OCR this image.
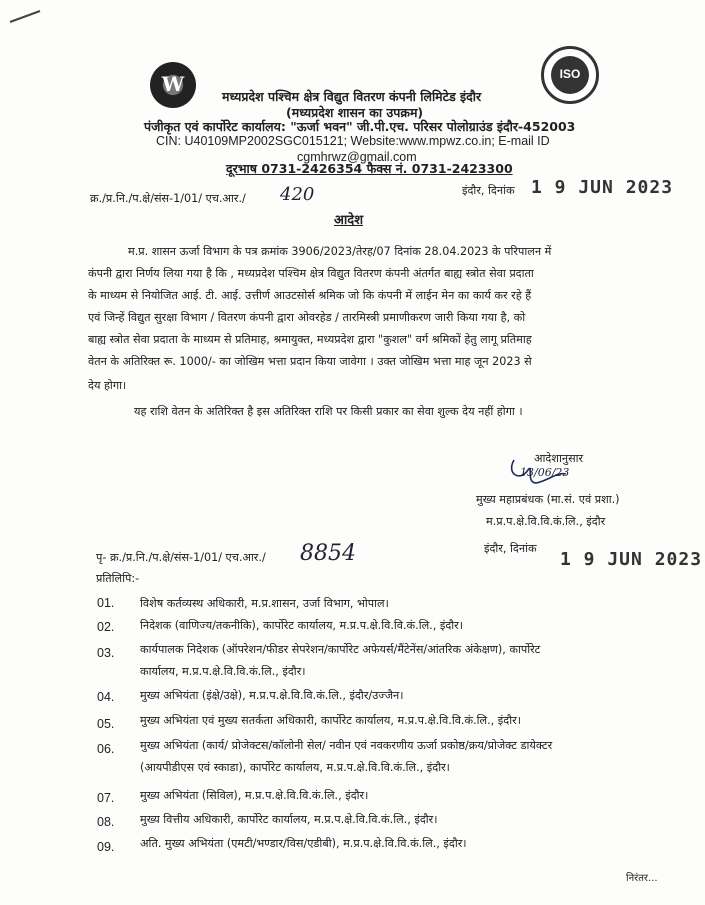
W	ISO
मध्यप्रदेश पश्चिम क्षेत्र विद्युत वितरण कंपनी लिमिटेड इंदौर
(मध्यप्रदेश शासन का उपक्रम)
पंजीकृत एवं कार्पोरेट कार्यालय: "ऊर्जा भवन" जी.पी.एच. परिसर पोलोग्राउंड इंदौर-452003
CIN: U40109MP2002SGC015121; Website:www.mpwz.co.in; E-mail ID
cgmhrwz@gmail.com
दूरभाष 0731-2426354 फैक्स नं. 0731-2423300
क्र./प्र.नि./प.क्षे/संस-1/01/ एच.आर./ 420	इंदौर, दिनांक 1 9 JUN 2023
आदेश
म.प्र. शासन ऊर्जा विभाग के पत्र क्रमांक 3906/2023/तेरह/07 दिनांक 28.04.2023 के परिपालन में
कंपनी द्वारा निर्णय लिया गया है कि , मध्यप्रदेश पश्चिम क्षेत्र विद्युत वितरण कंपनी अंतर्गत बाह्य स्त्रोत सेवा प्रदाता
के माध्यम से नियोजित आई. टी. आई. उत्तीर्ण आउटसोर्स श्रमिक जो कि कंपनी में लाईन मेन का कार्य कर रहे हैं
एवं जिन्हें विद्युत सुरक्षा विभाग / वितरण कंपनी द्वारा ओवरहेड / तारमिस्त्री प्रमाणीकरण जारी किया गया है, को
बाह्य स्त्रोत सेवा प्रदाता के माध्यम से प्रतिमाह, श्रमायुक्त, मध्यप्रदेश द्वारा "कुशल" वर्ग श्रमिकों हेतु लागू प्रतिमाह
वेतन के अतिरिक्त रू. 1000/- का जोखिम भत्ता प्रदान किया जावेगा । उक्त जोखिम भत्ता माह जून 2023 से
देय होगा।
यह राशि वेतन के अतिरिक्त है इस अतिरिक्त राशि पर किसी प्रकार का सेवा शुल्क देय नहीं होगा ।
आदेशानुसार
13/06/23
मुख्य महाप्रबंधक (मा.सं. एवं प्रशा.)
म.प्र.प.क्षे.वि.वि.कं.लि., इंदौर
इंदौर, दिनांक
1 9 JUN 2023
पृ- क्र./प्र.नि./प.क्षे/संस-1/01/ एच.आर./ 8854
प्रतिलिपि:-
01. विशेष कर्तव्यस्थ अधिकारी, म.प्र.शासन, उर्जा विभाग, भोपाल।
02. निदेशक (वाणिज्य/तकनीकि), कार्पोरेट कार्यालय, म.प्र.प.क्षे.वि.वि.कं.लि., इंदौर।
03. कार्यपालक निदेशक (ऑपरेशन/फीडर सेपरेशन/कार्पोरेट अफेयर्स/मैंटेनेंस/आंतरिक अंकेक्षण), कार्पोरेट
कार्यालय, म.प्र.प.क्षे.वि.वि.कं.लि., इंदौर।
04. मुख्य अभियंता (इंक्षे/उक्षे), म.प्र.प.क्षे.वि.वि.कं.लि., इंदौर/उज्जैन।
05. मुख्य अभियंता एवं मुख्य सतर्कता अधिकारी, कार्पोरेट कार्यालय, म.प्र.प.क्षे.वि.वि.कं.लि., इंदौर।
06. मुख्य अभियंता (कार्य/ प्रोजेक्टस/कॉलोनी सेल/ नवीन एवं नवकरणीय ऊर्जा प्रकोष्ठ/क्रय/प्रोजेक्ट डायेक्टर
(आयपीडीएस एवं स्काडा), कार्पोरेट कार्यालय, म.प्र.प.क्षे.वि.वि.कं.लि., इंदौर।
07. मुख्य अभियंता (सिविल), म.प्र.प.क्षे.वि.वि.कं.लि., इंदौर।
08. मुख्य वित्तीय अधिकारी, कार्पोरेट कार्यालय, म.प्र.प.क्षे.वि.वि.कं.लि., इंदौर।
09. अति. मुख्य अभियंता (एमटी/भण्डार/विस/एडीबी), म.प्र.प.क्षे.वि.वि.कं.लि., इंदौर।
निरंतर...
